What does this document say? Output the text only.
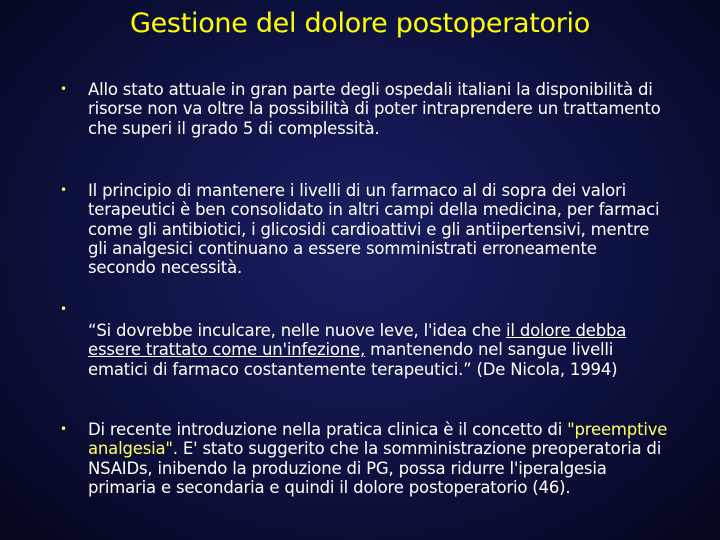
Gestione del dolore postoperatorio
• Allo stato attuale in gran parte degli ospedali italiani la disponibilità di risorse non va oltre la possibilità di poter intraprendere un trattamento che superi il grado 5 di complessità.
• Il principio di mantenere i livelli di un farmaco al di sopra dei valori terapeutici è ben consolidato in altri campi della medicina, per farmaci come gli antibiotici, i glicosidi cardioattivi e gli antiipertensivi, mentre gli analgesici continuano a essere somministrati erroneamente secondo necessità.
•
“Si dovrebbe inculcare, nelle nuove leve, l'idea che il dolore debba essere trattato come un'infezione, mantenendo nel sangue livelli ematici di farmaco costantemente terapeutici.” (De Nicola, 1994)
• Di recente introduzione nella pratica clinica è il concetto di "preemptive analgesia". E' stato suggerito che la somministrazione preoperatoria di NSAIDs, inibendo la produzione di PG, possa ridurre l'iperalgesia primaria e secondaria e quindi il dolore postoperatorio (46).
